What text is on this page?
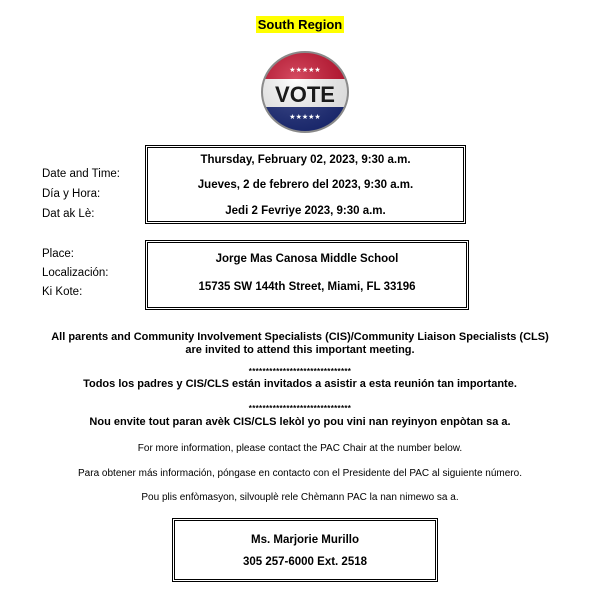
South Region
★★★★★
★★★★★
VOTE
Date and Time:
Día y Hora:
Dat ak Lè:
Thursday, February 02, 2023, 9:30 a.m.
Jueves, 2 de febrero del 2023, 9:30 a.m.
Jedi 2 Fevriye 2023, 9:30 a.m.
Place:
Localización:
Ki Kote:
Jorge Mas Canosa Middle School
15735 SW 144th Street, Miami, FL 33196
All parents and Community Involvement Specialists (CIS)/Community Liaison Specialists (CLS)
are invited to attend this important meeting.
******************************
Todos los padres y CIS/CLS están invitados a asistir a esta reunión tan importante.
******************************
Nou envite tout paran avèk CIS/CLS lekòl yo pou vini nan reyinyon enpòtan sa a.
For more information, please contact the PAC Chair at the number below.
Para obtener más información, póngase en contacto con el Presidente del PAC al siguiente número.
Pou plis enfòmasyon, silvouplè rele Chèmann PAC la nan nimewo sa a.
Ms. Marjorie Murillo
305 257-6000 Ext. 2518
